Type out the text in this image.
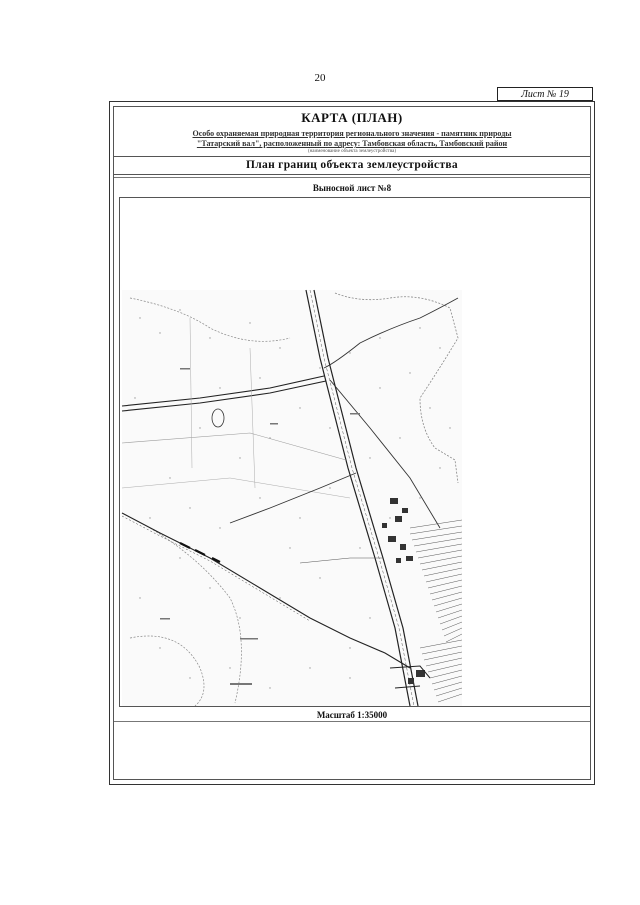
20
Лист № 19
КАРТА (ПЛАН)
Особо охраняемая природная территория регионального значения - памятник природы
"Татарский вал", расположенный по адресу: Тамбовская область, Тамбовский район
(наименование объекта землеустройства)
План границ объекта землеустройства
Выносной лист №8
Масштаб 1:35000
